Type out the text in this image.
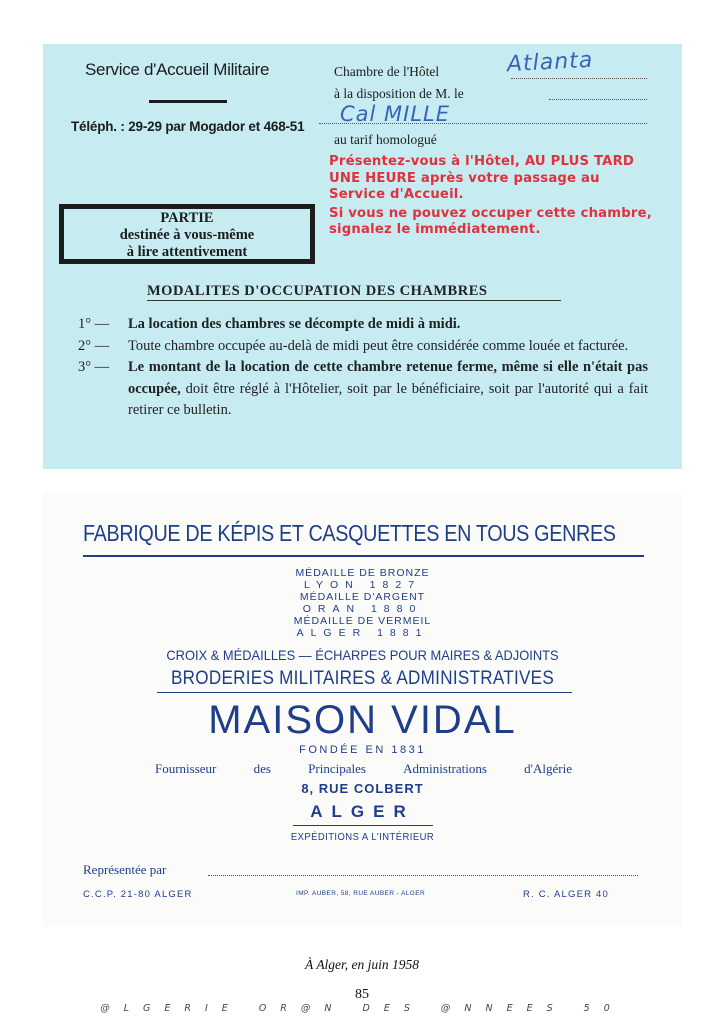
Service d'Accueil Militaire
Téléph. : 29-29 par Mogador et 468-51
Chambre de l'Hôtel	Atlanta
à la disposition de M. le
Cal MILLE
au tarif homologué

Présentez-vous à l'Hôtel, AU PLUS TARD UNE HEURE après votre passage au Service d'Accueil.

Si vous ne pouvez occuper cette chambre, signalez le immédiatement.

PARTIE
destinée à vous-même
à lire attentivement
MODALITES D'OCCUPATION DES CHAMBRES
1° — La location des chambres se décompte de midi à midi.
2° — Toute chambre occupée au-delà de midi peut être considérée comme louée et facturée.
3° — Le montant de la location de cette chambre retenue ferme, même si elle n'était pas occupée, doit être réglé à l'Hôtelier, soit par le bénéficiaire, soit par l'autorité qui a fait retirer ce bulletin.
FABRIQUE DE KÉPIS ET CASQUETTES EN TOUS GENRES
MÉDAILLE DE BRONZE
LYON 1827
MÉDAILLE D'ARGENT
ORAN 1880
MÉDAILLE DE VERMEIL
ALGER 1881
CROIX & MÉDAILLES — ÉCHARPES POUR MAIRES & ADJOINTS
BRODERIES MILITAIRES & ADMINISTRATIVES
MAISON VIDAL
FONDÉE EN 1831
Fournisseur	des	Principales	Administrations	d'Algérie
8, RUE COLBERT
ALGER
EXPÉDITIONS A L'INTÉRIEUR
Représentée par
C.C.P. 21-80 ALGER	IMP. AUBER, 58, RUE AUBER - ALGER	R. C. ALGER 40
À Alger, en juin 1958
85
@LGERIE OR@N DES @NNEES 50
